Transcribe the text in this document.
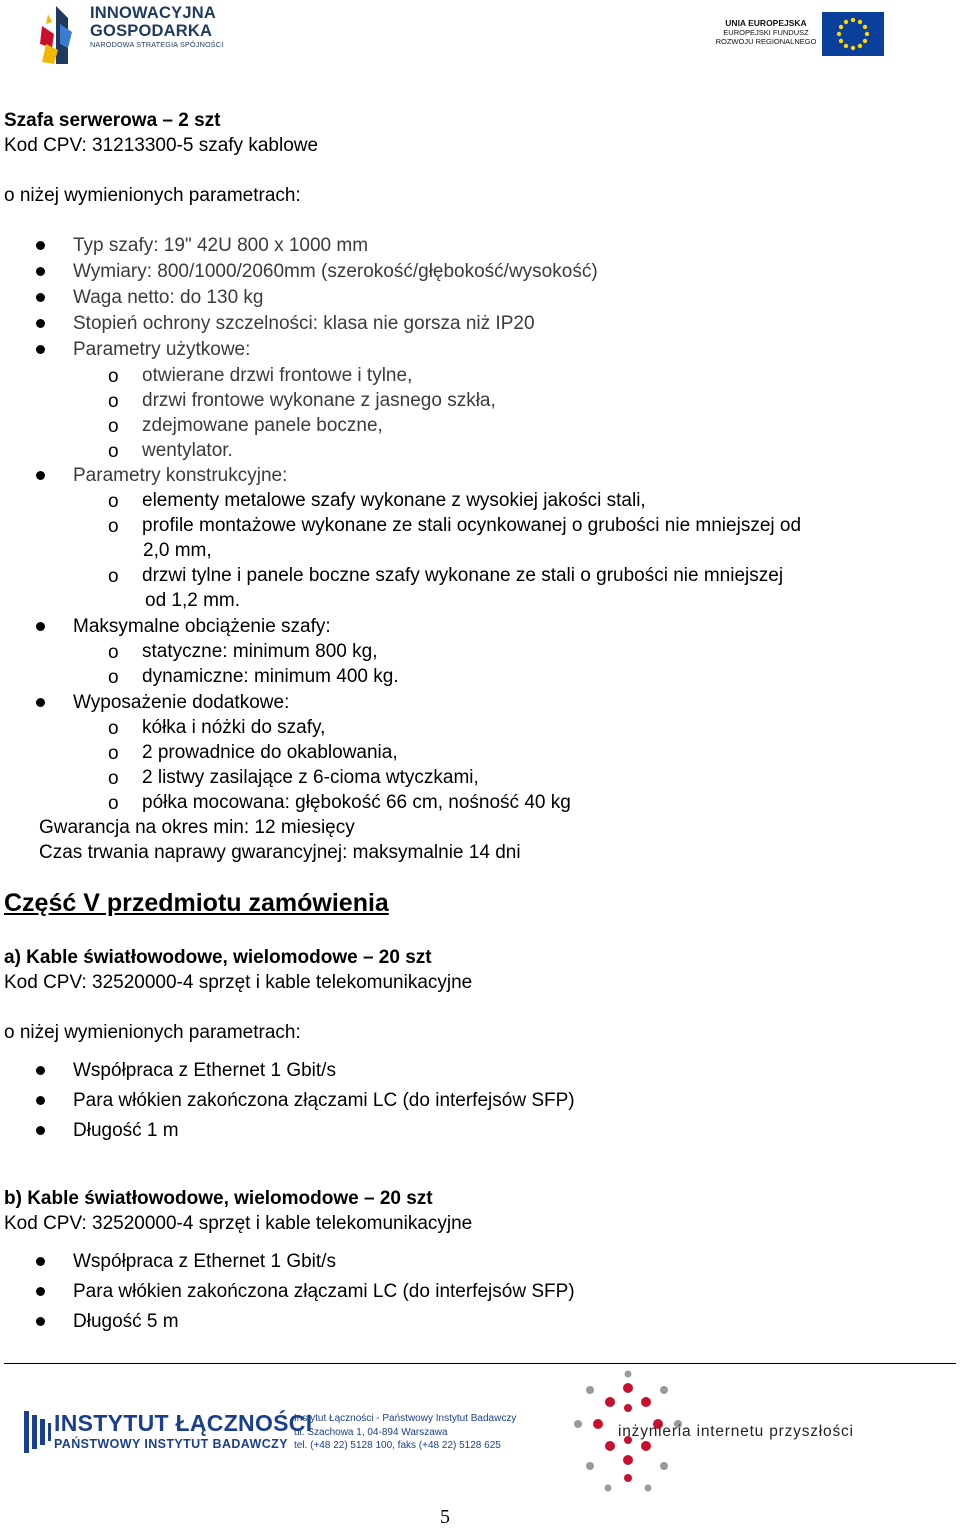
INNOWACYJNA
GOSPODARKA
NARODOWA STRATEGIA SPÓJNOŚCI
UNIA EUROPEJSKA
EUROPEJSKI FUNDUSZ
ROZWOJU REGIONALNEGO
Szafa serwerowa – 2 szt
Kod CPV: 31213300-5 szafy kablowe
o niżej wymienionych parametrach:
Typ szafy: 19" 42U 800 x 1000 mm
Wymiary: 800/1000/2060mm (szerokość/głębokość/wysokość)
Waga netto: do 130 kg
Stopień ochrony szczelności: klasa nie gorsza niż IP20
Parametry użytkowe:
o otwierane drzwi frontowe i tylne,
o drzwi frontowe wykonane z jasnego szkła,
o zdejmowane panele boczne,
o wentylator.
Parametry konstrukcyjne:
o elementy metalowe szafy wykonane z wysokiej jakości stali,
o profile montażowe wykonane ze stali ocynkowanej o grubości nie mniejszej od
2,0 mm,
o drzwi tylne i panele boczne szafy wykonane ze stali o grubości nie mniejszej
od 1,2 mm.
Maksymalne obciążenie szafy:
o statyczne: minimum 800 kg,
o dynamiczne: minimum 400 kg.
Wyposażenie dodatkowe:
o kółka i nóżki do szafy,
o 2 prowadnice do okablowania,
o 2 listwy zasilające z 6-cioma wtyczkami,
o półka mocowana: głębokość 66 cm, nośność 40 kg
Gwarancja na okres min: 12 miesięcy
Czas trwania naprawy gwarancyjnej: maksymalnie 14 dni
Część V przedmiotu zamówienia
a) Kable światłowodowe, wielomodowe – 20 szt
Kod CPV: 32520000-4 sprzęt i kable telekomunikacyjne
o niżej wymienionych parametrach:
Współpraca z Ethernet 1 Gbit/s
Para włókien zakończona złączami LC (do interfejsów SFP)
Długość 1 m
b) Kable światłowodowe, wielomodowe – 20 szt
Kod CPV: 32520000-4 sprzęt i kable telekomunikacyjne
Współpraca z Ethernet 1 Gbit/s
Para włókien zakończona złączami LC (do interfejsów SFP)
Długość 5 m
INSTYTUT ŁĄCZNOŚCI
PAŃSTWOWY INSTYTUT BADAWCZY
Instytut Łączności - Państwowy Instytut Badawczy
ul. Szachowa 1, 04-894 Warszawa
tel. (+48 22) 5128 100, faks (+48 22) 5128 625
inżynieria internetu przyszłości
5
